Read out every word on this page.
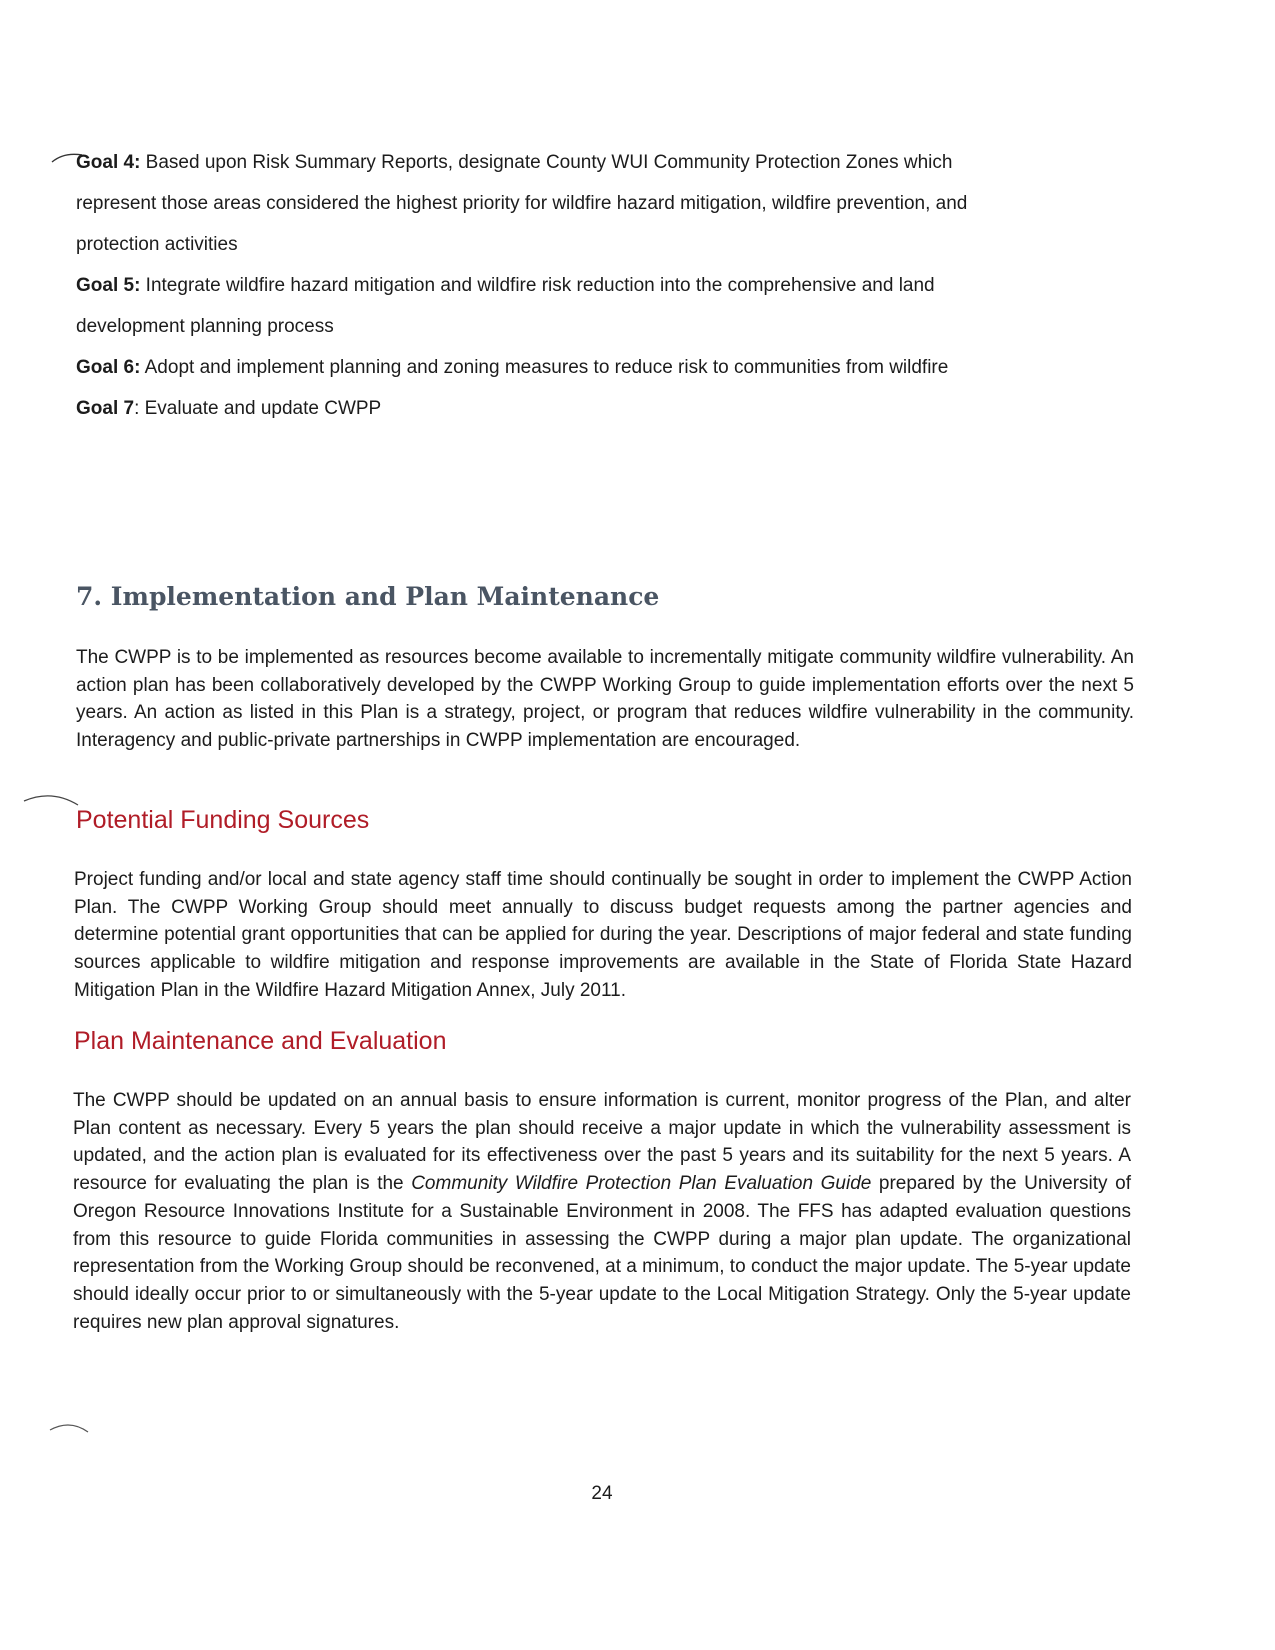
Goal 4: Based upon Risk Summary Reports, designate County WUI Community Protection Zones which

represent those areas considered the highest priority for wildfire hazard mitigation, wildfire prevention, and

protection activities

Goal 5: Integrate wildfire hazard mitigation and wildfire risk reduction into the comprehensive and land

development planning process

Goal 6: Adopt and implement planning and zoning measures to reduce risk to communities from wildfire

Goal 7: Evaluate and update CWPP

7. Implementation and Plan Maintenance

The CWPP is to be implemented as resources become available to incrementally mitigate community wildfire vulnerability. An action plan has been collaboratively developed by the CWPP Working Group to guide implementation efforts over the next 5 years. An action as listed in this Plan is a strategy, project, or program that reduces wildfire vulnerability in the community. Interagency and public-private partnerships in CWPP implementation are encouraged.

Potential Funding Sources

Project funding and/or local and state agency staff time should continually be sought in order to implement the CWPP Action Plan. The CWPP Working Group should meet annually to discuss budget requests among the partner agencies and determine potential grant opportunities that can be applied for during the year. Descriptions of major federal and state funding sources applicable to wildfire mitigation and response improvements are available in the State of Florida State Hazard Mitigation Plan in the Wildfire Hazard Mitigation Annex, July 2011.

Plan Maintenance and Evaluation

The CWPP should be updated on an annual basis to ensure information is current, monitor progress of the Plan, and alter Plan content as necessary. Every 5 years the plan should receive a major update in which the vulnerability assessment is updated, and the action plan is evaluated for its effectiveness over the past 5 years and its suitability for the next 5 years. A resource for evaluating the plan is the Community Wildfire Protection Plan Evaluation Guide prepared by the University of Oregon Resource Innovations Institute for a Sustainable Environment in 2008. The FFS has adapted evaluation questions from this resource to guide Florida communities in assessing the CWPP during a major plan update. The organizational representation from the Working Group should be reconvened, at a minimum, to conduct the major update. The 5-year update should ideally occur prior to or simultaneously with the 5-year update to the Local Mitigation Strategy. Only the 5-year update requires new plan approval signatures.

24
